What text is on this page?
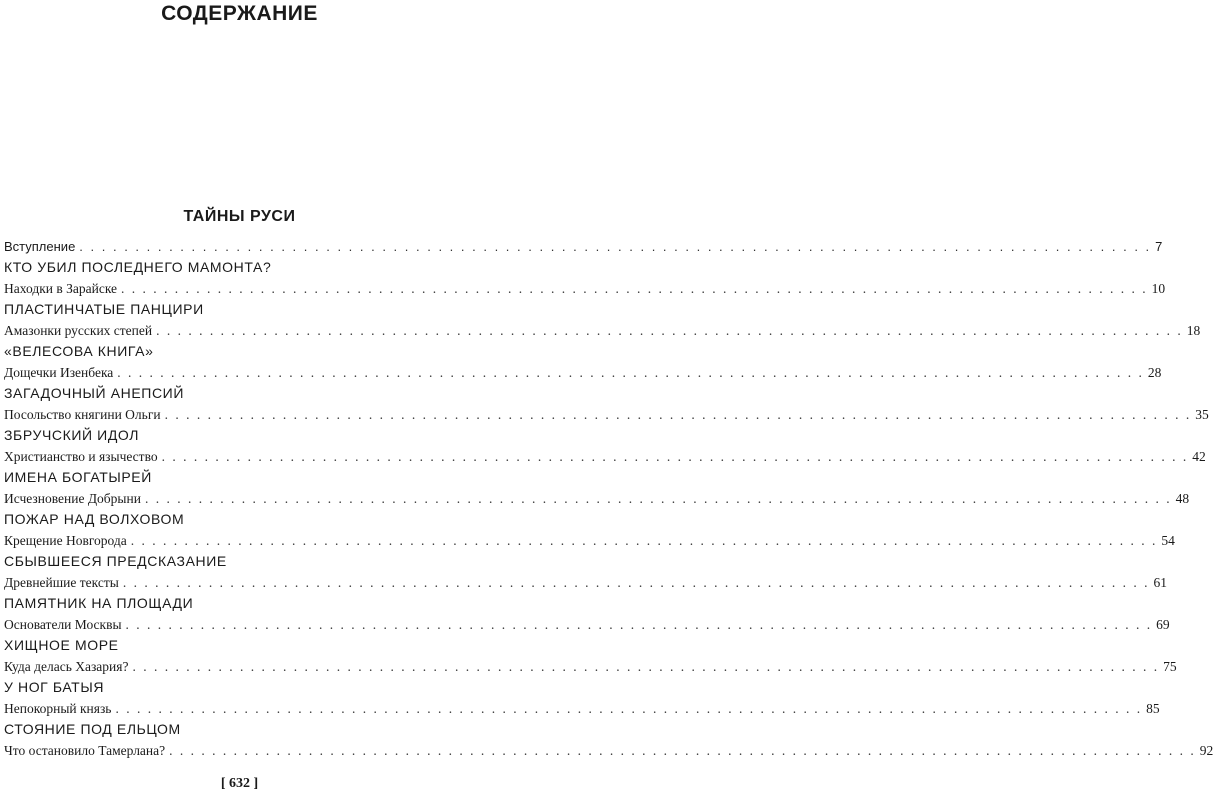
СОДЕРЖАНИЕ
ТАЙНЫ РУСИ
Вступление . . . . . . . . . . . . . . . . . . . . . . . . . . . . . . . . . . . . . . . . . . . . . . . . . . . . . . . . . . . . . . . . . . . . . . . . . . . . . . . . . . . . . . . . . . . . . . . . 7
КТО УБИЛ ПОСЛЕДНЕГО МАМОНТА?
Находки в Зарайске . . . . . . . . . . . . . . . . . . . . . . . . . . . . . . . . . . . . . . . . . . . . . . . . . . . . . . . . . . . . . . . . . . . . . . . . . . . . . . . . . . . . . . . . . . . . . . . . 10
ПЛАСТИНЧАТЫЕ ПАНЦИРИ
Амазонки русских степей . . . . . . . . . . . . . . . . . . . . . . . . . . . . . . . . . . . . . . . . . . . . . . . . . . . . . . . . . . . . . . . . . . . . . . . . . . . . . . . . . . . . . . . . . . . . . . . . 18
«ВЕЛЕСОВА КНИГА»
Дощечки Изенбека . . . . . . . . . . . . . . . . . . . . . . . . . . . . . . . . . . . . . . . . . . . . . . . . . . . . . . . . . . . . . . . . . . . . . . . . . . . . . . . . . . . . . . . . . . . . . . . . 28
ЗАГАДОЧНЫЙ АНЕПСИЙ
Посольство княгини Ольги . . . . . . . . . . . . . . . . . . . . . . . . . . . . . . . . . . . . . . . . . . . . . . . . . . . . . . . . . . . . . . . . . . . . . . . . . . . . . . . . . . . . . . . . . . . . . . . . 35
ЗБРУЧСКИЙ ИДОЛ
Христианство и язычество . . . . . . . . . . . . . . . . . . . . . . . . . . . . . . . . . . . . . . . . . . . . . . . . . . . . . . . . . . . . . . . . . . . . . . . . . . . . . . . . . . . . . . . . . . . . . . . . 42
ИМЕНА БОГАТЫРЕЙ
Исчезновение Добрыни . . . . . . . . . . . . . . . . . . . . . . . . . . . . . . . . . . . . . . . . . . . . . . . . . . . . . . . . . . . . . . . . . . . . . . . . . . . . . . . . . . . . . . . . . . . . . . . . 48
ПОЖАР НАД ВОЛХОВОМ
Крещение Новгорода . . . . . . . . . . . . . . . . . . . . . . . . . . . . . . . . . . . . . . . . . . . . . . . . . . . . . . . . . . . . . . . . . . . . . . . . . . . . . . . . . . . . . . . . . . . . . . . . 54
СБЫВШЕЕСЯ ПРЕДСКАЗАНИЕ
Древнейшие тексты . . . . . . . . . . . . . . . . . . . . . . . . . . . . . . . . . . . . . . . . . . . . . . . . . . . . . . . . . . . . . . . . . . . . . . . . . . . . . . . . . . . . . . . . . . . . . . . . 61
ПАМЯТНИК НА ПЛОЩАДИ
Основатели Москвы . . . . . . . . . . . . . . . . . . . . . . . . . . . . . . . . . . . . . . . . . . . . . . . . . . . . . . . . . . . . . . . . . . . . . . . . . . . . . . . . . . . . . . . . . . . . . . . . 69
ХИЩНОЕ МОРЕ
Куда делась Хазария? . . . . . . . . . . . . . . . . . . . . . . . . . . . . . . . . . . . . . . . . . . . . . . . . . . . . . . . . . . . . . . . . . . . . . . . . . . . . . . . . . . . . . . . . . . . . . . . . 75
У НОГ БАТЫЯ
Непокорный князь . . . . . . . . . . . . . . . . . . . . . . . . . . . . . . . . . . . . . . . . . . . . . . . . . . . . . . . . . . . . . . . . . . . . . . . . . . . . . . . . . . . . . . . . . . . . . . . . 85
СТОЯНИЕ ПОД ЕЛЬЦОМ
Что остановило Тамерлана? . . . . . . . . . . . . . . . . . . . . . . . . . . . . . . . . . . . . . . . . . . . . . . . . . . . . . . . . . . . . . . . . . . . . . . . . . . . . . . . . . . . . . . . . . . . . . . . . 92
[ 632 ]
